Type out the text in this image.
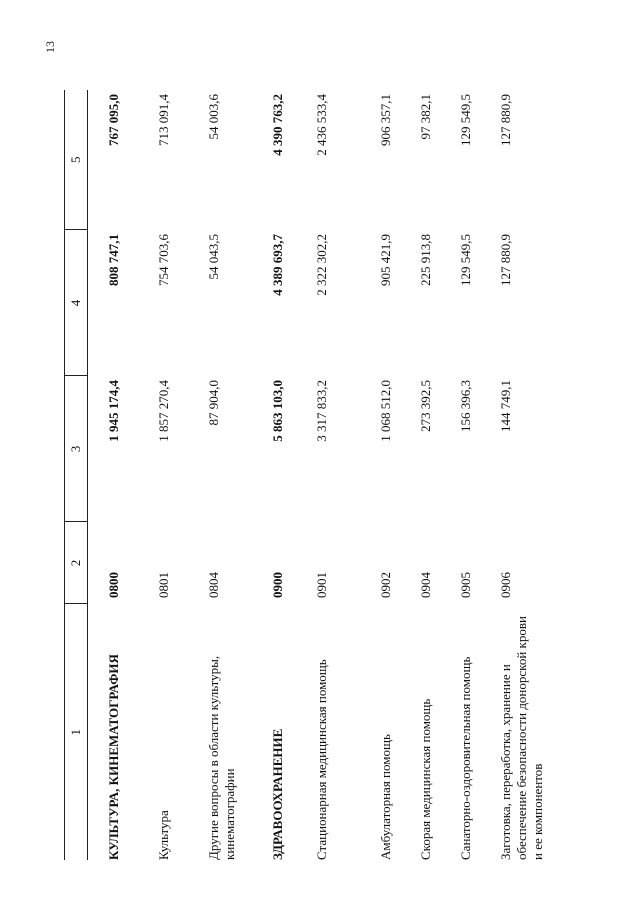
13
1	2	3	4	5
КУЛЬТУРА, КИНЕМАТОГРАФИЯ	0800	1 945 174,4	808 747,1	767 095,0
Культура	0801	1 857 270,4	754 703,6	713 091,4
Другие вопросы в области культуры, кинематографии	0804	87 904,0	54 043,5	54 003,6
ЗДРАВООХРАНЕНИЕ	0900	5 863 103,0	4 389 693,7	4 390 763,2
Стационарная медицинская помощь	0901	3 317 833,2	2 322 302,2	2 436 533,4
Амбулаторная помощь	0902	1 068 512,0	905 421,9	906 357,1
Скорая медицинская помощь	0904	273 392,5	225 913,8	97 382,1
Санаторно-оздоровительная помощь	0905	156 396,3	129 549,5	129 549,5
Заготовка, переработка, хранение и обеспечение безопасности донорской крови и ее компонентов	0906	144 749,1	127 880,9	127 880,9
